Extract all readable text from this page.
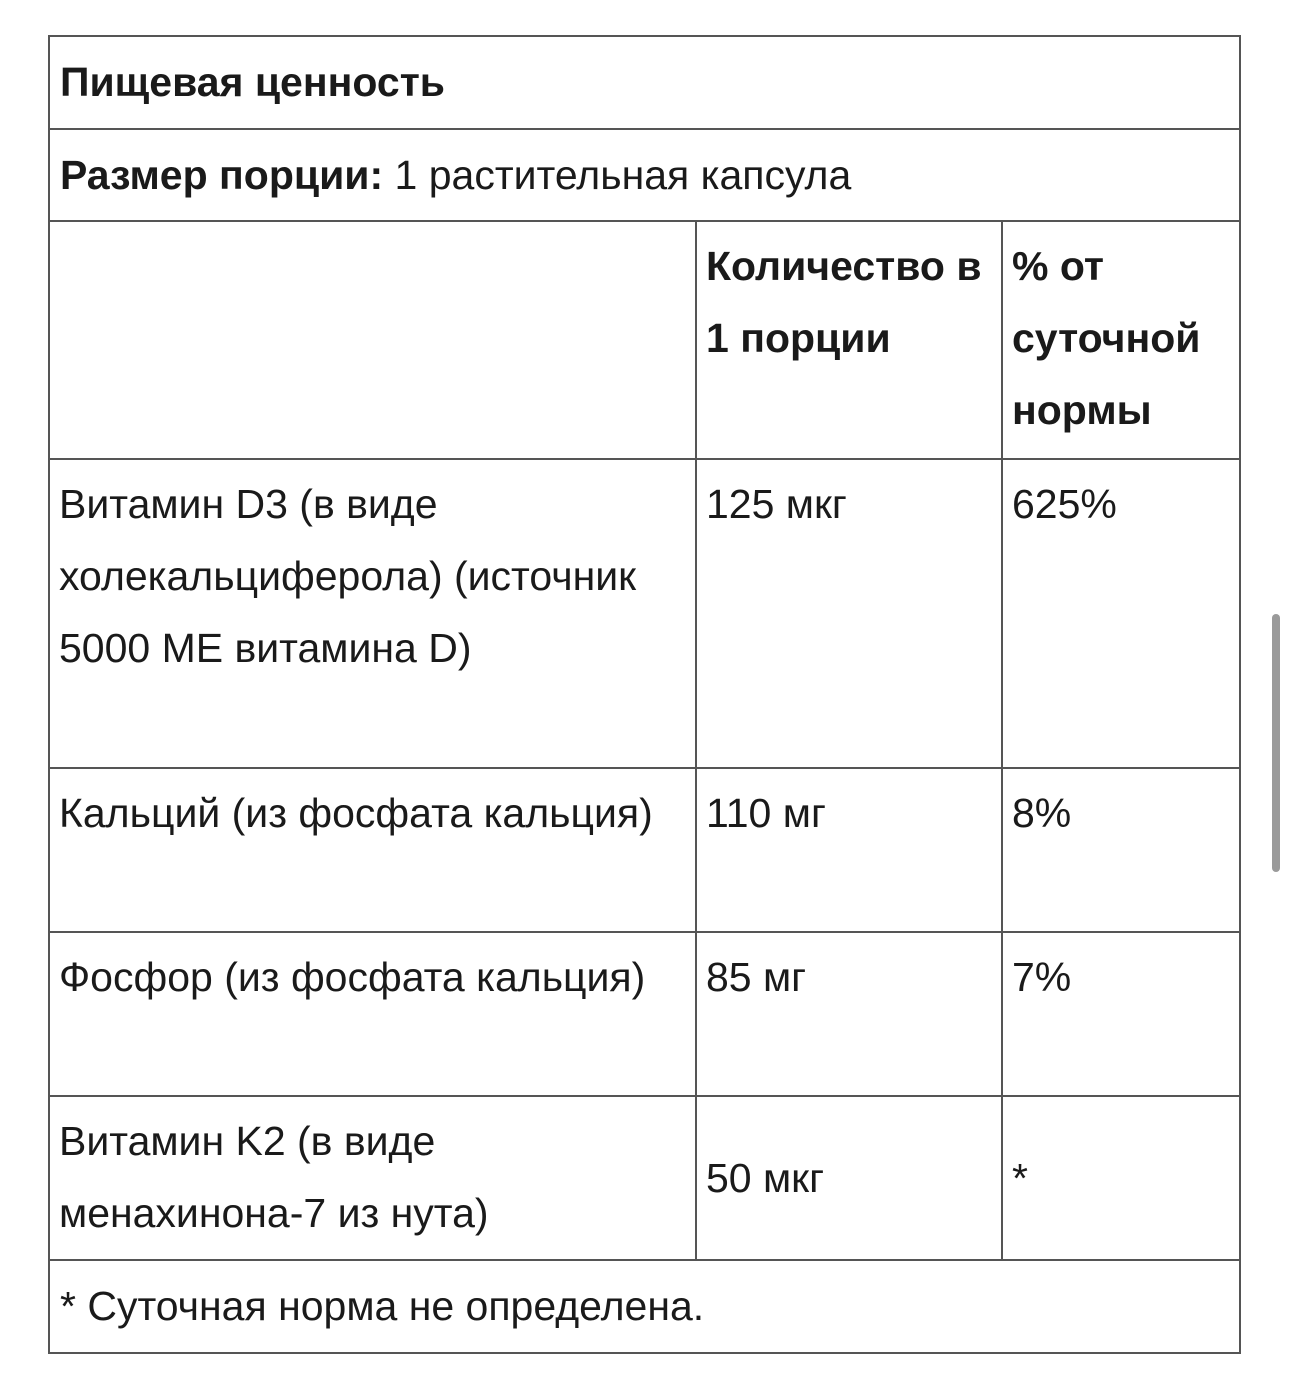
Пищевая ценность
Размер порции: 1 растительная капсула
	Количество в 1 порции	% от суточной нормы
Витамин D3 (в виде холекальциферола) (источник 5000 МЕ витамина D)	125 мкг	625%
Кальций (из фосфата кальция)	110 мг	8%
Фосфор (из фосфата кальция)	85 мг	7%
Витамин K2 (в виде менахинона-7 из нута)	50 мкг	*
* Суточная норма не определена.
